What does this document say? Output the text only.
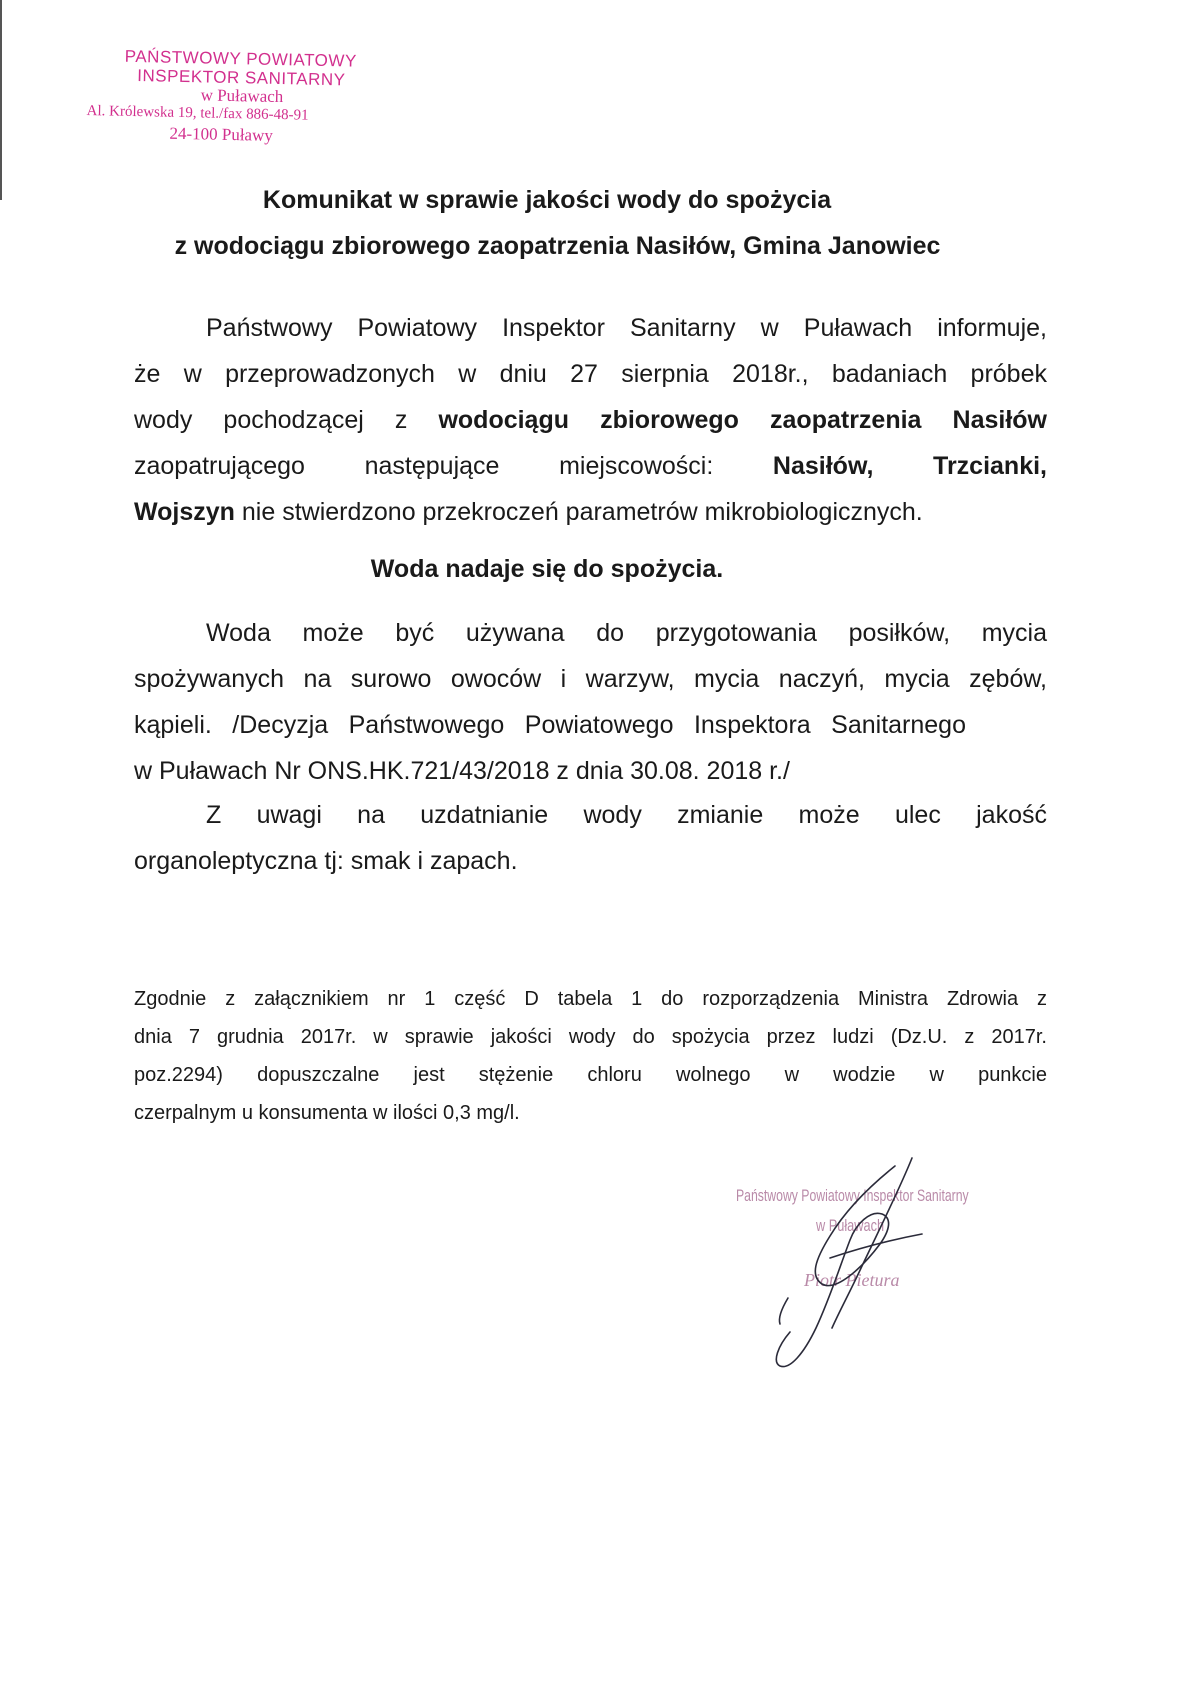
PAŃSTWOWY POWIATOWY
INSPEKTOR SANITARNY
w Puławach
Al. Królewska 19, tel./fax 886-48-91
24-100 Puławy
Komunikat w sprawie jakości wody do spożycia
z wodociągu zbiorowego zaopatrzenia Nasiłów, Gmina Janowiec
Państwowy Powiatowy Inspektor Sanitarny w Puławach informuje,
że w przeprowadzonych w dniu 27 sierpnia 2018r., badaniach próbek
wody pochodzącej z wodociągu zbiorowego zaopatrzenia Nasiłów
zaopatrującego następujące miejscowości: Nasiłów, Trzcianki,
Wojszyn nie stwierdzono przekroczeń parametrów mikrobiologicznych.
Woda nadaje się do spożycia.
Woda może być używana do przygotowania posiłków, mycia
spożywanych na surowo owoców i warzyw, mycia naczyń, mycia zębów,
kąpieli. /Decyzja Państwowego Powiatowego Inspektora Sanitarnego
w Puławach Nr ONS.HK.721/43/2018 z dnia 30.08. 2018 r./
Z uwagi na uzdatnianie wody zmianie może ulec jakość
organoleptyczna tj: smak i zapach.
Zgodnie z załącznikiem nr 1 część D tabela 1 do rozporządzenia Ministra Zdrowia z
dnia 7 grudnia 2017r. w sprawie jakości wody do spożycia przez ludzi (Dz.U. z 2017r.
poz.2294) dopuszczalne jest stężenie chloru wolnego w wodzie w punkcie
czerpalnym u konsumenta w ilości 0,3 mg/l.
Państwowy Powiatowy Inspektor Sanitarny
w Puławach
Piotr Pietura
